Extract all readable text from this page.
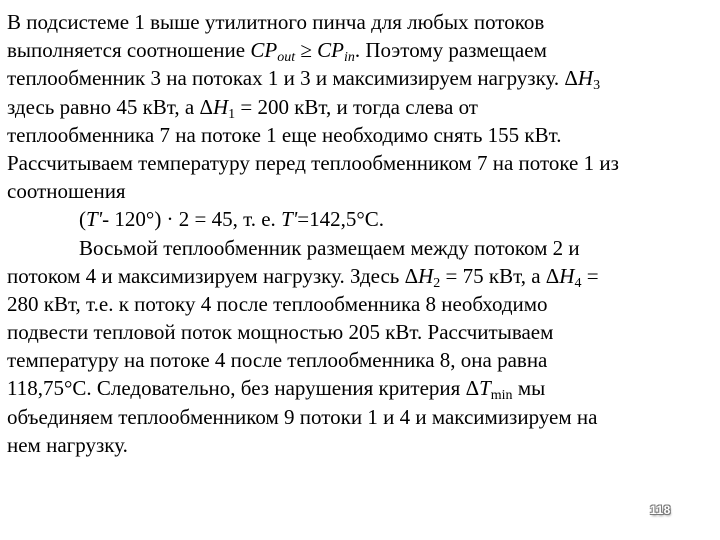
В подсистеме 1 выше утилитного пинча для любых потоков
выполняется соотношение $CP_{out} \ge CP_{in}$. Поэтому размещаем
теплообменник 3 на потоках 1 и 3 и максимизируем нагрузку. $\Delta H_3$
здесь равно 45 кВт, а $\Delta H_1 = 200$ кВт, и тогда слева от
теплообменника 7 на потоке 1 еще необходимо снять 155 кВт.
Рассчитываем температуру перед теплообменником 7 на потоке 1 из
соотношения
(T'- 120°) · 2 = 45, т. е. T'=142,5°С.
Восьмой теплообменник размещаем между потоком 2 и
потоком 4 и максимизируем нагрузку. Здесь $\Delta H_2 = 75$ кВт, а $\Delta H_4$ =
280 кВт, т.е. к потоку 4 после теплообменника 8 необходимо
подвести тепловой поток мощностью 205 кВт. Рассчитываем
температуру на потоке 4 после теплообменника 8, она равна
118,75°С. Следовательно, без нарушения критерия $\Delta T_{min}$ мы
объединяем теплообменником 9 потоки 1 и 4 и максимизируем на
нем нагрузку.
118
